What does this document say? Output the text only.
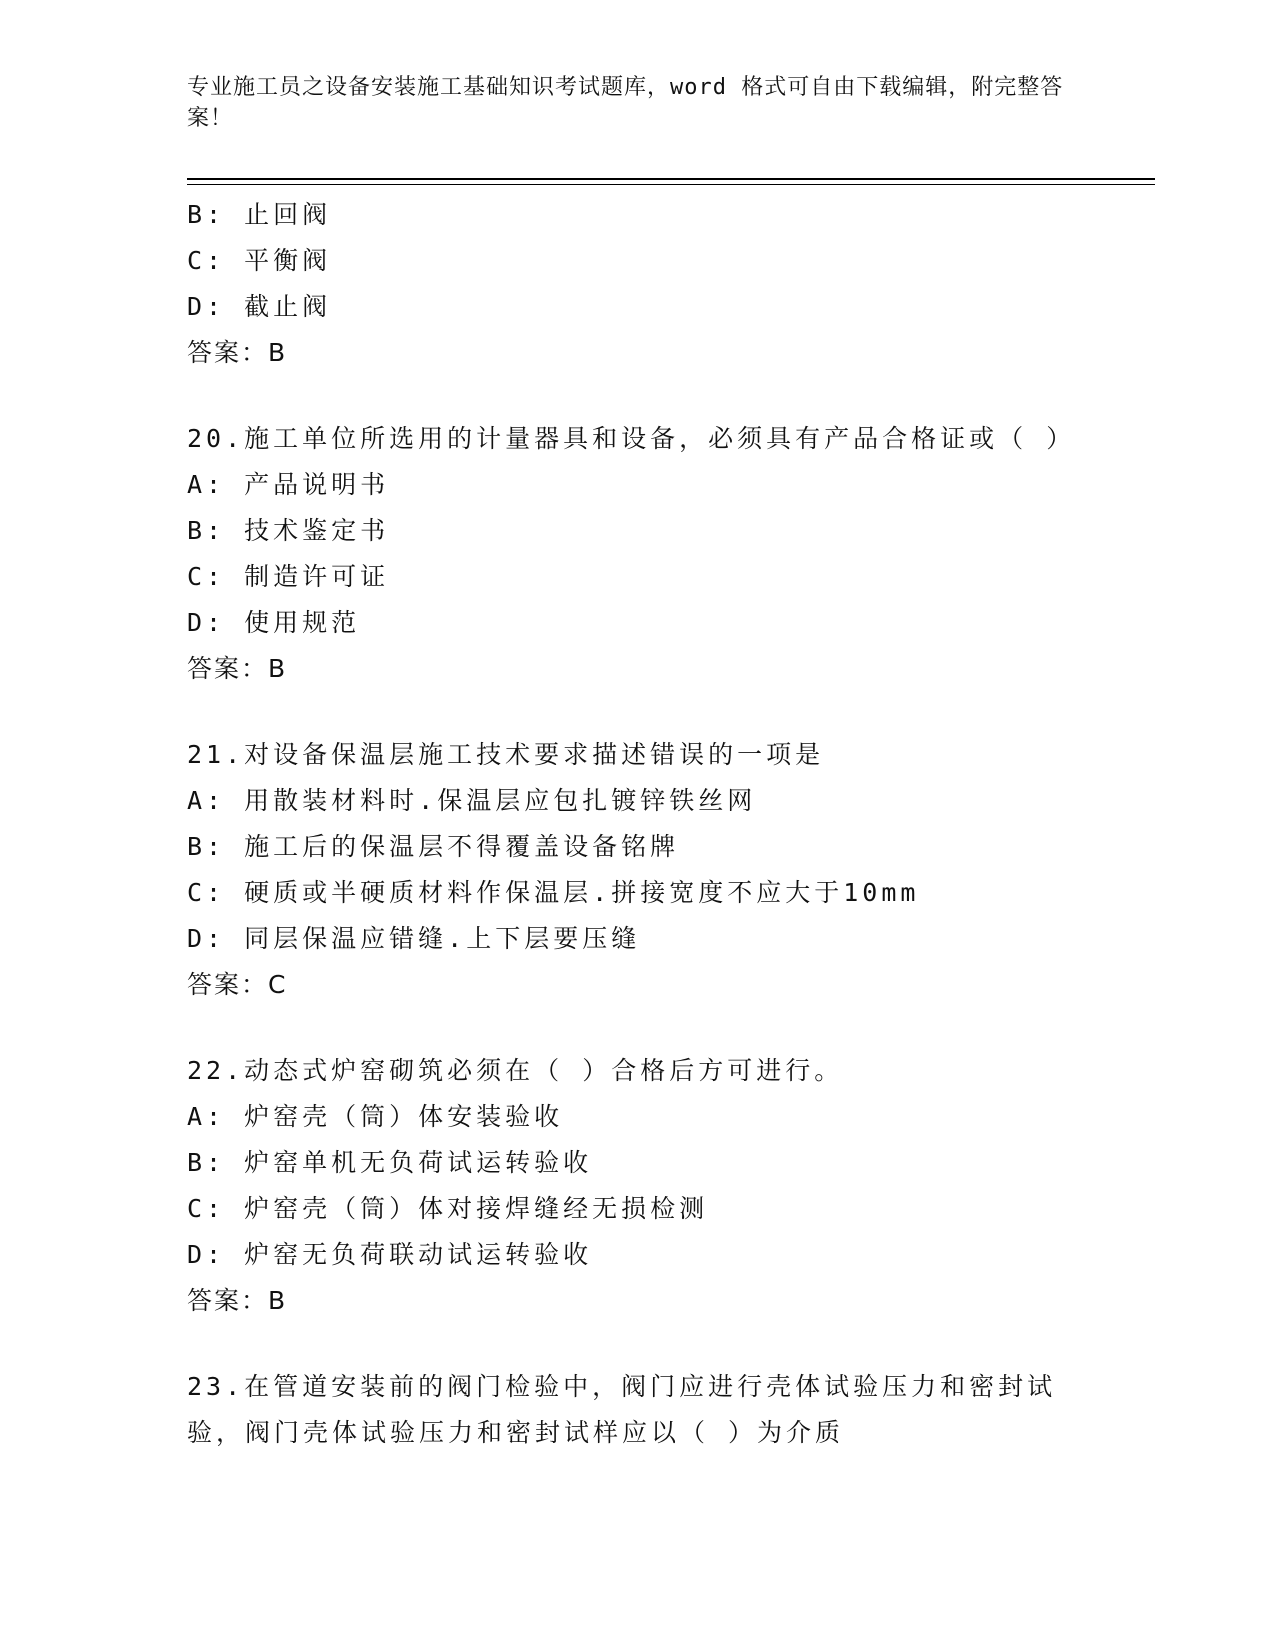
专业施工员之设备安装施工基础知识考试题库，word 格式可自由下载编辑，附完整答案！
B: 止回阀
C: 平衡阀
D: 截止阀
答案：B
20.施工单位所选用的计量器具和设备，必须具有产品合格证或（ ）
A: 产品说明书
B: 技术鉴定书
C: 制造许可证
D: 使用规范
答案：B
21.对设备保温层施工技术要求描述错误的一项是
A: 用散装材料时.保温层应包扎镀锌铁丝网
B: 施工后的保温层不得覆盖设备铭牌
C: 硬质或半硬质材料作保温层.拼接宽度不应大于10mm
D: 同层保温应错缝.上下层要压缝
答案：C
22.动态式炉窑砌筑必须在（ ）合格后方可进行。
A: 炉窑壳（筒）体安装验收
B: 炉窑单机无负荷试运转验收
C: 炉窑壳（筒）体对接焊缝经无损检测
D: 炉窑无负荷联动试运转验收
答案：B
23.在管道安装前的阀门检验中，阀门应进行壳体试验压力和密封试验，阀门壳体试验压力和密封试样应以（ ）为介质
